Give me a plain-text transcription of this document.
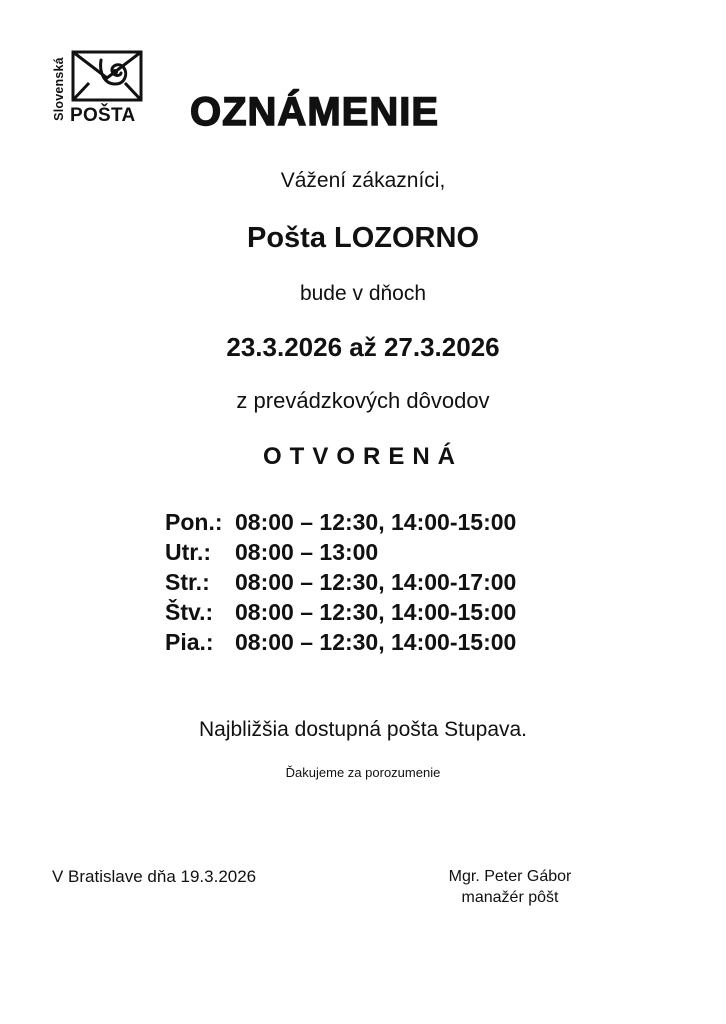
Slovenská POŠTA OZNÁMENIE
Vážení zákazníci,
Pošta LOZORNO
bude v dňoch
23.3.2026 až 27.3.2026
z prevádzkových dôvodov
OTVORENÁ
Pon.: 08:00 – 12:30, 14:00-15:00
Utr.:	08:00 – 13:00
Str.:	08:00 – 12:30, 14:00-17:00
Štv.: 08:00 – 12:30, 14:00-15:00
Pia.: 08:00 – 12:30, 14:00-15:00
Najbližšia dostupná pošta Stupava.
Ďakujeme za porozumenie
V Bratislave dňa 19.3.2026	Mgr. Peter Gábor
manažér pôšt
